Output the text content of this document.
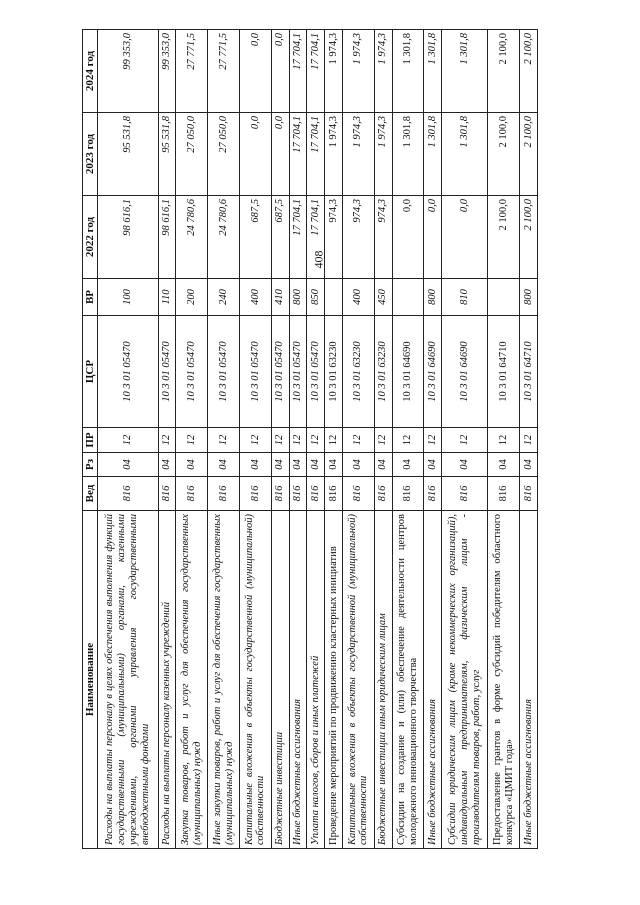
408
Наименование	Вед	Рз	ПР	ЦСР	ВР	2022 год	2023 год	2024 год
Расходы на выплаты персоналу в целях обеспечения выполнения функций государственными (муниципальными) органами, казенными учреждениями, органами управления государственными внебюджетными фондами	816	04	12	10 3 01 05470	100	98 616,1	95 531,8	99 353,0
Расходы на выплаты персоналу казенных учреждений	816	04	12	10 3 01 05470	110	98 616,1	95 531,8	99 353,0
Закупка товаров, работ и услуг для обеспечения государственных (муниципальных) нужд	816	04	12	10 3 01 05470	200	24 780,6	27 050,0	27 771,5
Иные закупки товаров, работ и услуг для обеспечения государственных (муниципальных) нужд	816	04	12	10 3 01 05470	240	24 780,6	27 050,0	27 771,5
Капитальные вложения в объекты государственной (муниципальной) собственности	816	04	12	10 3 01 05470	400	687,5	0,0	0,0
Бюджетные инвестиции	816	04	12	10 3 01 05470	410	687,5	0,0	0,0
Иные бюджетные ассигнования	816	04	12	10 3 01 05470	800	17 704,1	17 704,1	17 704,1
Уплата налогов, сборов и иных платежей	816	04	12	10 3 01 05470	850	17 704,1	17 704,1	17 704,1
Проведение мероприятий по продвижению кластерных инициатив	816	04	12	10 3 01 63230		974,3	1 974,3	1 974,3
Капитальные вложения в объекты государственной (муниципальной) собственности	816	04	12	10 3 01 63230	400	974,3	1 974,3	1 974,3
Бюджетные инвестиции иным юридическим лицам	816	04	12	10 3 01 63230	450	974,3	1 974,3	1 974,3
Субсидии на создание и (или) обеспечение деятельности центров молодежного инновационного творчества	816	04	12	10 3 01 64690		0,0	1 301,8	1 301,8
Иные бюджетные ассигнования	816	04	12	10 3 01 64690	800	0,0	1 301,8	1 301,8
Субсидии юридическим лицам (кроме некоммерческих организаций), индивидуальным предпринимателям, физическим лицам - производителям товаров, работ, услуг	816	04	12	10 3 01 64690	810	0,0	1 301,8	1 301,8
Предоставление грантов в форме субсидий победителям областного конкурса «ЦМИТ года»	816	04	12	10 3 01 64710		2 100,0	2 100,0	2 100,0
Иные бюджетные ассигнования	816	04	12	10 3 01 64710	800	2 100,0	2 100,0	2 100,0
